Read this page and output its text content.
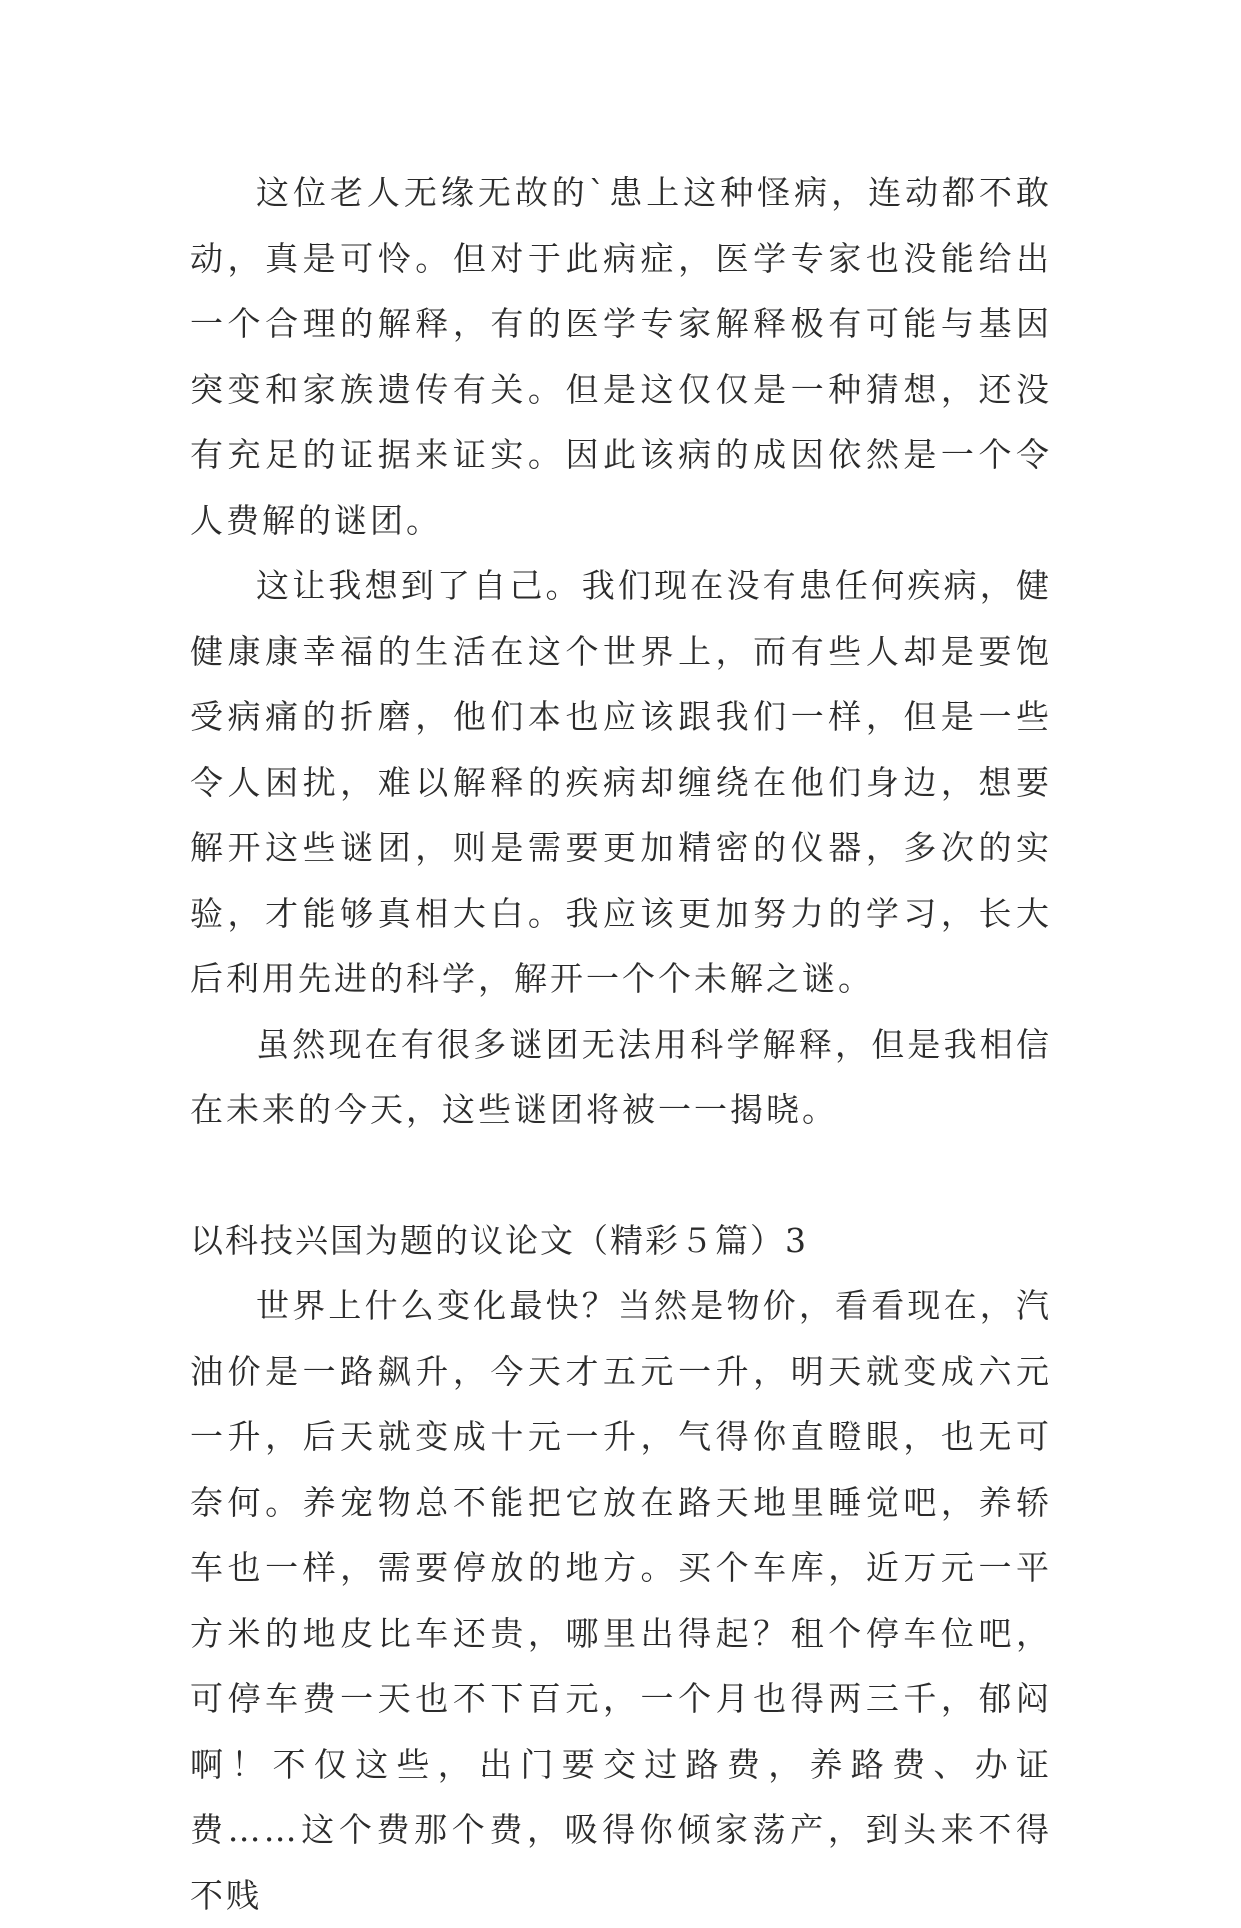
这位老人无缘无故的`患上这种怪病，连动都不敢动，真是可怜。但对于此病症，医学专家也没能给出一个合理的解释，有的医学专家解释极有可能与基因突变和家族遗传有关。但是这仅仅是一种猜想，还没有充足的证据来证实。因此该病的成因依然是一个令人费解的谜团。

这让我想到了自己。我们现在没有患任何疾病，健健康康幸福的生活在这个世界上，而有些人却是要饱受病痛的折磨，他们本也应该跟我们一样，但是一些令人困扰，难以解释的疾病却缠绕在他们身边，想要解开这些谜团，则是需要更加精密的仪器，多次的实验，才能够真相大白。我应该更加努力的学习，长大后利用先进的科学，解开一个个未解之谜。

虽然现在有很多谜团无法用科学解释，但是我相信在未来的今天，这些谜团将被一一揭晓。

以科技兴国为题的议论文（精彩５篇）3

世界上什么变化最快？当然是物价，看看现在，汽油价是一路飙升，今天才五元一升，明天就变成六元一升，后天就变成十元一升，气得你直瞪眼，也无可奈何。养宠物总不能把它放在路天地里睡觉吧，养轿车也一样，需要停放的地方。买个车库，近万元一平方米的地皮比车还贵，哪里出得起？租个停车位吧，可停车费一天也不下百元，一个月也得两三千，郁闷啊！不仅这些，出门要交过路费，养路费、办证费……这个费那个费，吸得你倾家荡产，到头来不得不贱
